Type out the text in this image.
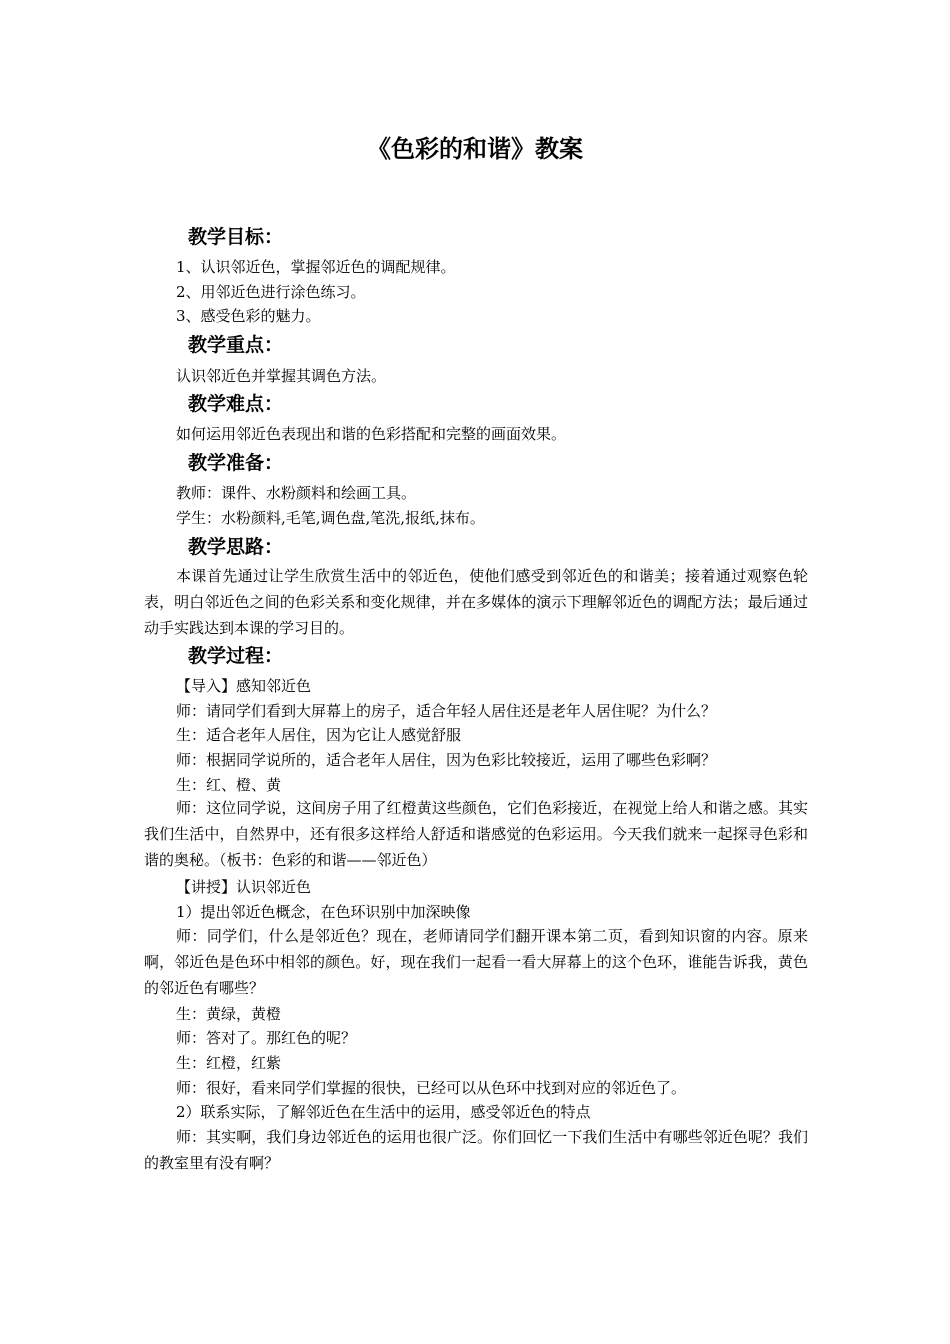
《色彩的和谐》教案
教学目标：
1、认识邻近色，掌握邻近色的调配规律。
2、用邻近色进行涂色练习。
3、感受色彩的魅力。
教学重点：
认识邻近色并掌握其调色方法。
教学难点：
如何运用邻近色表现出和谐的色彩搭配和完整的画面效果。
教学准备：
教师：课件、水粉颜料和绘画工具。
学生：水粉颜料,毛笔,调色盘,笔洗,报纸,抹布。
教学思路：
本课首先通过让学生欣赏生活中的邻近色，使他们感受到邻近色的和谐美；接着通过观察色轮表，明白邻近色之间的色彩关系和变化规律，并在多媒体的演示下理解邻近色的调配方法；最后通过动手实践达到本课的学习目的。
教学过程：
【导入】感知邻近色
师：请同学们看到大屏幕上的房子，适合年轻人居住还是老年人居住呢？为什么？
生：适合老年人居住，因为它让人感觉舒服
师：根据同学说所的，适合老年人居住，因为色彩比较接近，运用了哪些色彩啊？
生：红、橙、黄
师：这位同学说，这间房子用了红橙黄这些颜色，它们色彩接近，在视觉上给人和谐之感。其实我们生活中，自然界中，还有很多这样给人舒适和谐感觉的色彩运用。今天我们就来一起探寻色彩和谐的奥秘。（板书：色彩的和谐——邻近色）
【讲授】认识邻近色
1）提出邻近色概念，在色环识别中加深映像
师：同学们，什么是邻近色？现在，老师请同学们翻开课本第二页，看到知识窗的内容。原来啊，邻近色是色环中相邻的颜色。好，现在我们一起看一看大屏幕上的这个色环，谁能告诉我，黄色的邻近色有哪些？
生：黄绿，黄橙
师：答对了。那红色的呢？
生：红橙，红紫
师：很好，看来同学们掌握的很快，已经可以从色环中找到对应的邻近色了。
2）联系实际，了解邻近色在生活中的运用，感受邻近色的特点
师：其实啊，我们身边邻近色的运用也很广泛。你们回忆一下我们生活中有哪些邻近色呢？我们的教室里有没有啊？
